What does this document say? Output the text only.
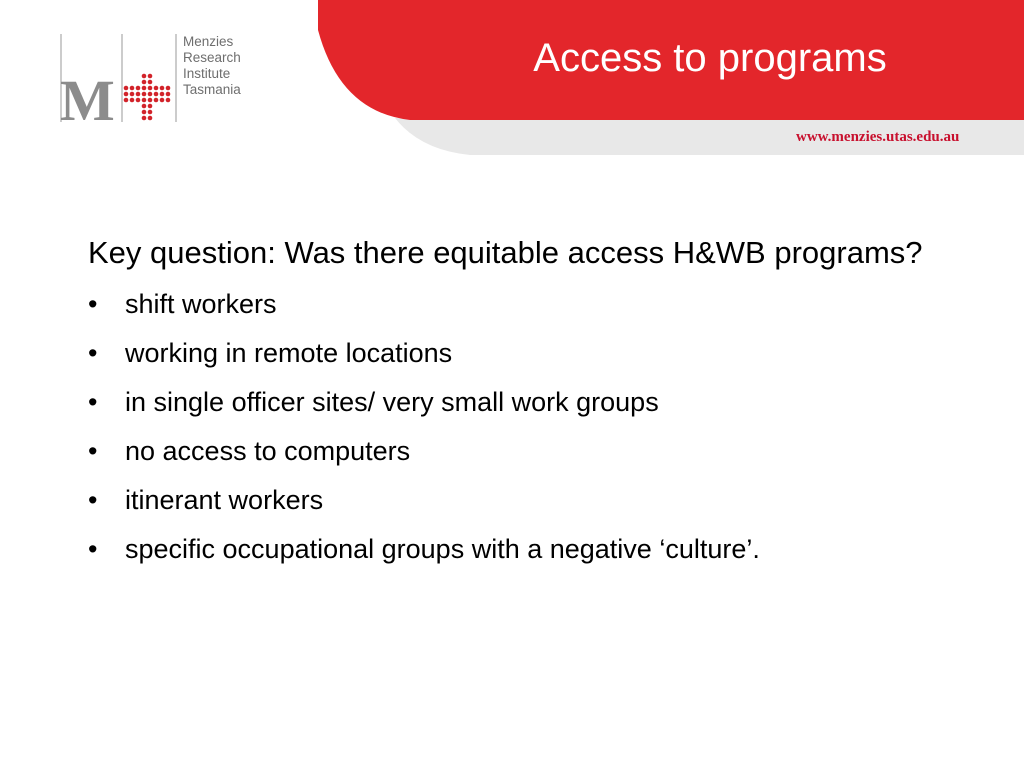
Access to programs
M
Menzies
Research
Institute
Tasmania
www.menzies.utas.edu.au

Key question: Was there equitable access H&WB programs?

• shift workers
• working in remote locations
• in single officer sites/ very small work groups
• no access to computers
• itinerant workers
• specific occupational groups with a negative ‘culture’.
